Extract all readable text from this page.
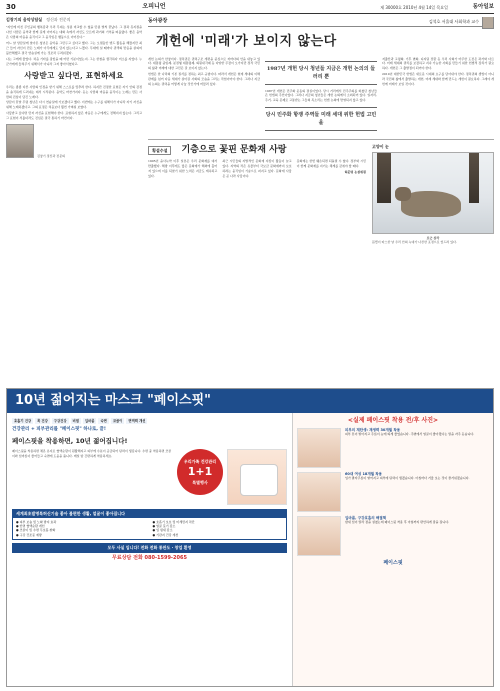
30	오피니언	제 30000호 2010년 4월 14일 목요일	동아일보
김창기의 음악상담실 정신과 전문의

"지인께 비친 주인공의 행복감과 우리 무대는 성큼 비교할 수 없을 만큼 벌써 끝났다. 그 결과 뮤지컬을 나선 사람은 음악과 함께 길게 이어지는 대화 속에서 자신도 모르게 과거의 기억을 떠올렸다. 좋은 음악은 사람의 마음을 움직이고 그 움직임은 행동으로 이어진다."

어느 날 상담실에 찾아온 청년은 음악을 그만두고 싶다고 했다. 그는 오랫동안 밴드 활동을 해왔지만 최근 들어 자신이 만든 노래가 아무에게도 닿지 않는다고 느꼈다. 무대에 설 때마다 관객의 반응을 살피며 불안해했고 결국 연습실에 가는 것조차 두려워졌다.

나는 그에게 물었다. 처음 기타를 잡았을 때 어떤 기분이었는지. 그는 한참을 생각하다 미소를 지었다. 누군가에게 들려주기 위해서가 아니라 그저 좋아서였다고.

사랑받고 싶다면, 표현하세요

우리는 종종 다른 사람의 인정을 받기 위해 스스로를 맞추려 한다. 하지만 진정한 표현은 자기 안의 감정을 솔직하게 드러내는 데서 시작된다. 음악도 마찬가지다. 듣는 사람의 마음을 움직이는 노래는 만든 사람의 진심이 담긴 노래다.

상담이 끝날 무렵 청년은 다시 연습실에 가보겠다고 했다. 이번에는 누구를 위해서가 아니라 자기 자신을 위해 노래하겠다고. 그의 표정은 처음보다 훨씬 가벼워 보였다.

사랑받고 싶다면 먼저 자신을 표현해야 한다. 표현하지 않은 마음은 누구에게도 전해지지 않는다. 그리고 그 표현이 서툴더라도 진심은 결국 통하기 마련이다.

김창기 정신과 전문의
동아광장	김석호 서울대 사회학과 교수
개헌에 '미래'가 보이지 않는다

개헌 논의가 한창이다. 정치권은 권력구조 개편을 중심으로 저마다의 안을 내놓고 있다. 대통령 중임제, 분권형 대통령제, 의원내각제 등 다양한 주장이 오가지만 정작 국민의 삶과 미래에 대한 고민은 잘 보이지 않는다.

헌법은 한 나라의 기본 질서를 정하는 최고 규범이다. 따라서 개헌은 현재 세대의 이해관계를 넘어 다음 세대가 살아갈 사회의 모습을 그리는 작업이어야 한다. 그러나 지금의 논의는 권력을 어떻게 나눌 것인가에 머물러 있다.

1987년 개헌 당시 청년들 지금은 개헌 논의의 들러리 뿐

1987년 개헌은 민주화 운동의 결실이었다. 당시 거리에서 민주주의를 외쳤던 청년들은 헌법의 주인이었다. 그러나 지금의 청년들은 개헌 논의에서 소외되어 있다. 일자리, 주거, 교육 문제로 고통받는 그들의 목소리는 헌법 논의에 반영되지 않고 있다.

당시 민주화 항쟁 주역들 미래 세대 위한 헌법 고민을

저출산과 고령화, 기후 변화, 디지털 전환 등 우리 사회가 마주한 도전은 과거와 다르다. 미래 세대의 권리를 보장하고 지속 가능한 사회를 만들기 위한 헌법적 장치가 필요하다. 개헌은 그 출발점이 되어야 한다.

2010년 대한민국 헌법은 새로운 시대의 요구를 담아내야 한다. 정치권의 셈법이 아니라 국민의 삶에서 출발하는 개헌, 미래 세대와 함께 만드는 개헌이 필요하다. 그래야 개헌에 미래가 보일 것이다.

횡설수설	기층으로 꽃핀 문화재 사랑

1905년 을사늑약 이후 일본은 우리 문화재를 대거 반출했다. 해방 이후에도 많은 문화재가 해외에 흩어져 있으며 이를 되찾기 위한 노력은 지금도 계속되고 있다.

최근 시민들의 자발적인 문화재 지킴이 활동이 늘고 있다. 지역의 작은 유물부터 국보급 문화재까지 보호하려는 움직임이 기층으로 퍼지고 있다. 문화재 사랑은 곧 나라 사랑이다.

문화재는 한번 훼손되면 되돌릴 수 없다. 정부와 시민이 함께 문화재를 지키는 체계를 갖춰야 할 때다.

허문명 논설위원

고양이 눈
포근 삼각
봄볕이 따스한 날 우리 안의 늑대가 나른한 표정으로 엎드려 있다.
10년 젊어지는 마스크 "페이스핏"
호흡기 건강	목 건강	구강건강	비염	입마름	숙면	코골이	면역력 개선
건강관리 + 피부관리를 "페이스핏" 하나로, 끝!
페이스핏을 착용하면, 10년 젊어집니다!
페이스핏을 착용하면 체온 유지로 혈액순환이 원활해지고 피부에 수분이 공급되어 탄력이 생깁니다. 수면 중 착용하면 코골이와 입마름이 줄어들고 숙면에 도움을 줍니다. 매일 밤 간편하게 착용하세요.
우리가족 건강관리
1+1
특별행사
세계최초발명특허신기술 좋아 불편한 생활, 얼굴이 좋아집니다
● 피부 보습 및 노화 방지 효과
● 안면 혈액순환 개선
● 코골이 및 수면 무호흡 완화
● 구강 건조증 예방
● 호흡기 보호 및 미세먼지 차단
● 얼굴 붓기 감소
● 입 냄새 감소
● 기관지 건강 개선
모두 사실 입니다! 전화 전화 통판도 · 창업 환영
무료상담 전화 080-1599-2065
<실제 페이스핏 착용 전/후 사진>
피부의 재탄생: 재생력 30개월 착용
피부 톤이 밝아지고 주름이 눈에 띄게 줄었습니다. 주변에서 얼굴이 좋아졌다는 말을 자주 듣습니다.
60대 여성 18개월 착용
입가 팔자주름이 옅어지고 피부에 탄력이 생겼습니다. 아침마다 거울 보는 것이 즐거워졌습니다.
입마름, 구강호흡의 해결책
밤새 입이 말라 잠을 설쳤는데 페이스핏 착용 후 아침까지 편안하게 잠을 잡니다.
페이스핏
